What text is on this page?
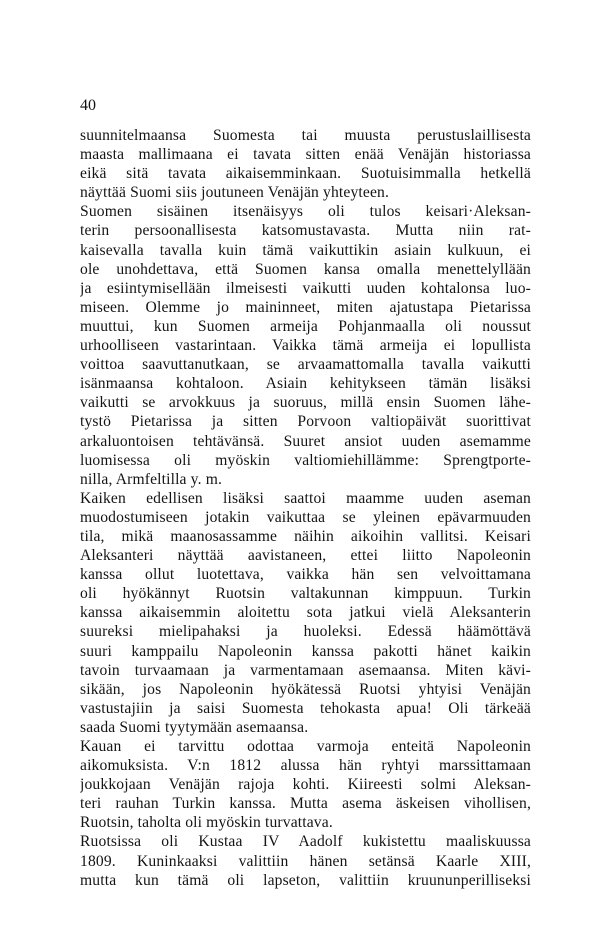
40
suunnitelmaansa Suomesta tai muusta perustuslaillisesta
maasta mallimaana ei tavata sitten enää Venäjän historiassa
eikä sitä tavata aikaisemminkaan. Suotuisimmalla hetkellä
näyttää Suomi siis joutuneen Venäjän yhteyteen.
Suomen sisäinen itsenäisyys oli tulos keisari·Aleksan-
terin persoonallisesta katsomustavasta. Mutta niin rat-
kaisevalla tavalla kuin tämä vaikuttikin asiain kulkuun, ei
ole unohdettava, että Suomen kansa omalla menettelyllään
ja esiintymisellään ilmeisesti vaikutti uuden kohtalonsa luo-
miseen. Olemme jo maininneet, miten ajatustapa Pietarissa
muuttui, kun Suomen armeija Pohjanmaalla oli noussut
urhoolliseen vastarintaan. Vaikka tämä armeija ei lopullista
voittoa saavuttanutkaan, se arvaamattomalla tavalla vaikutti
isänmaansa kohtaloon. Asiain kehitykseen tämän lisäksi
vaikutti se arvokkuus ja suoruus, millä ensin Suomen lähe-
tystö Pietarissa ja sitten Porvoon valtiopäivät suorittivat
arkaluontoisen tehtävänsä. Suuret ansiot uuden asemamme
luomisessa oli myöskin valtiomiehillämme: Sprengtporte-
nilla, Armfeltilla y. m.
Kaiken edellisen lisäksi saattoi maamme uuden aseman
muodostumiseen jotakin vaikuttaa se yleinen epävarmuuden
tila, mikä maanosassamme näihin aikoihin vallitsi. Keisari
Aleksanteri näyttää aavistaneen, ettei liitto Napoleonin
kanssa ollut luotettava, vaikka hän sen velvoittamana
oli hyökännyt Ruotsin valtakunnan kimppuun. Turkin
kanssa aikaisemmin aloitettu sota jatkui vielä Aleksanterin
suureksi mielipahaksi ja huoleksi. Edessä häämöttävä
suuri kamppailu Napoleonin kanssa pakotti hänet kaikin
tavoin turvaamaan ja varmentamaan asemaansa. Miten kävi-
sikään, jos Napoleonin hyökätessä Ruotsi yhtyisi Venäjän
vastustajiin ja saisi Suomesta tehokasta apua! Oli tärkeää
saada Suomi tyytymään asemaansa.
Kauan ei tarvittu odottaa varmoja enteitä Napoleonin
aikomuksista. V:n 1812 alussa hän ryhtyi marssittamaan
joukkojaan Venäjän rajoja kohti. Kiireesti solmi Aleksan-
teri rauhan Turkin kanssa. Mutta asema äskeisen vihollisen,
Ruotsin, taholta oli myöskin turvattava.
Ruotsissa oli Kustaa IV Aadolf kukistettu maaliskuussa
1809. Kuninkaaksi valittiin hänen setänsä Kaarle XIII,
mutta kun tämä oli lapseton, valittiin kruununperilliseksi
